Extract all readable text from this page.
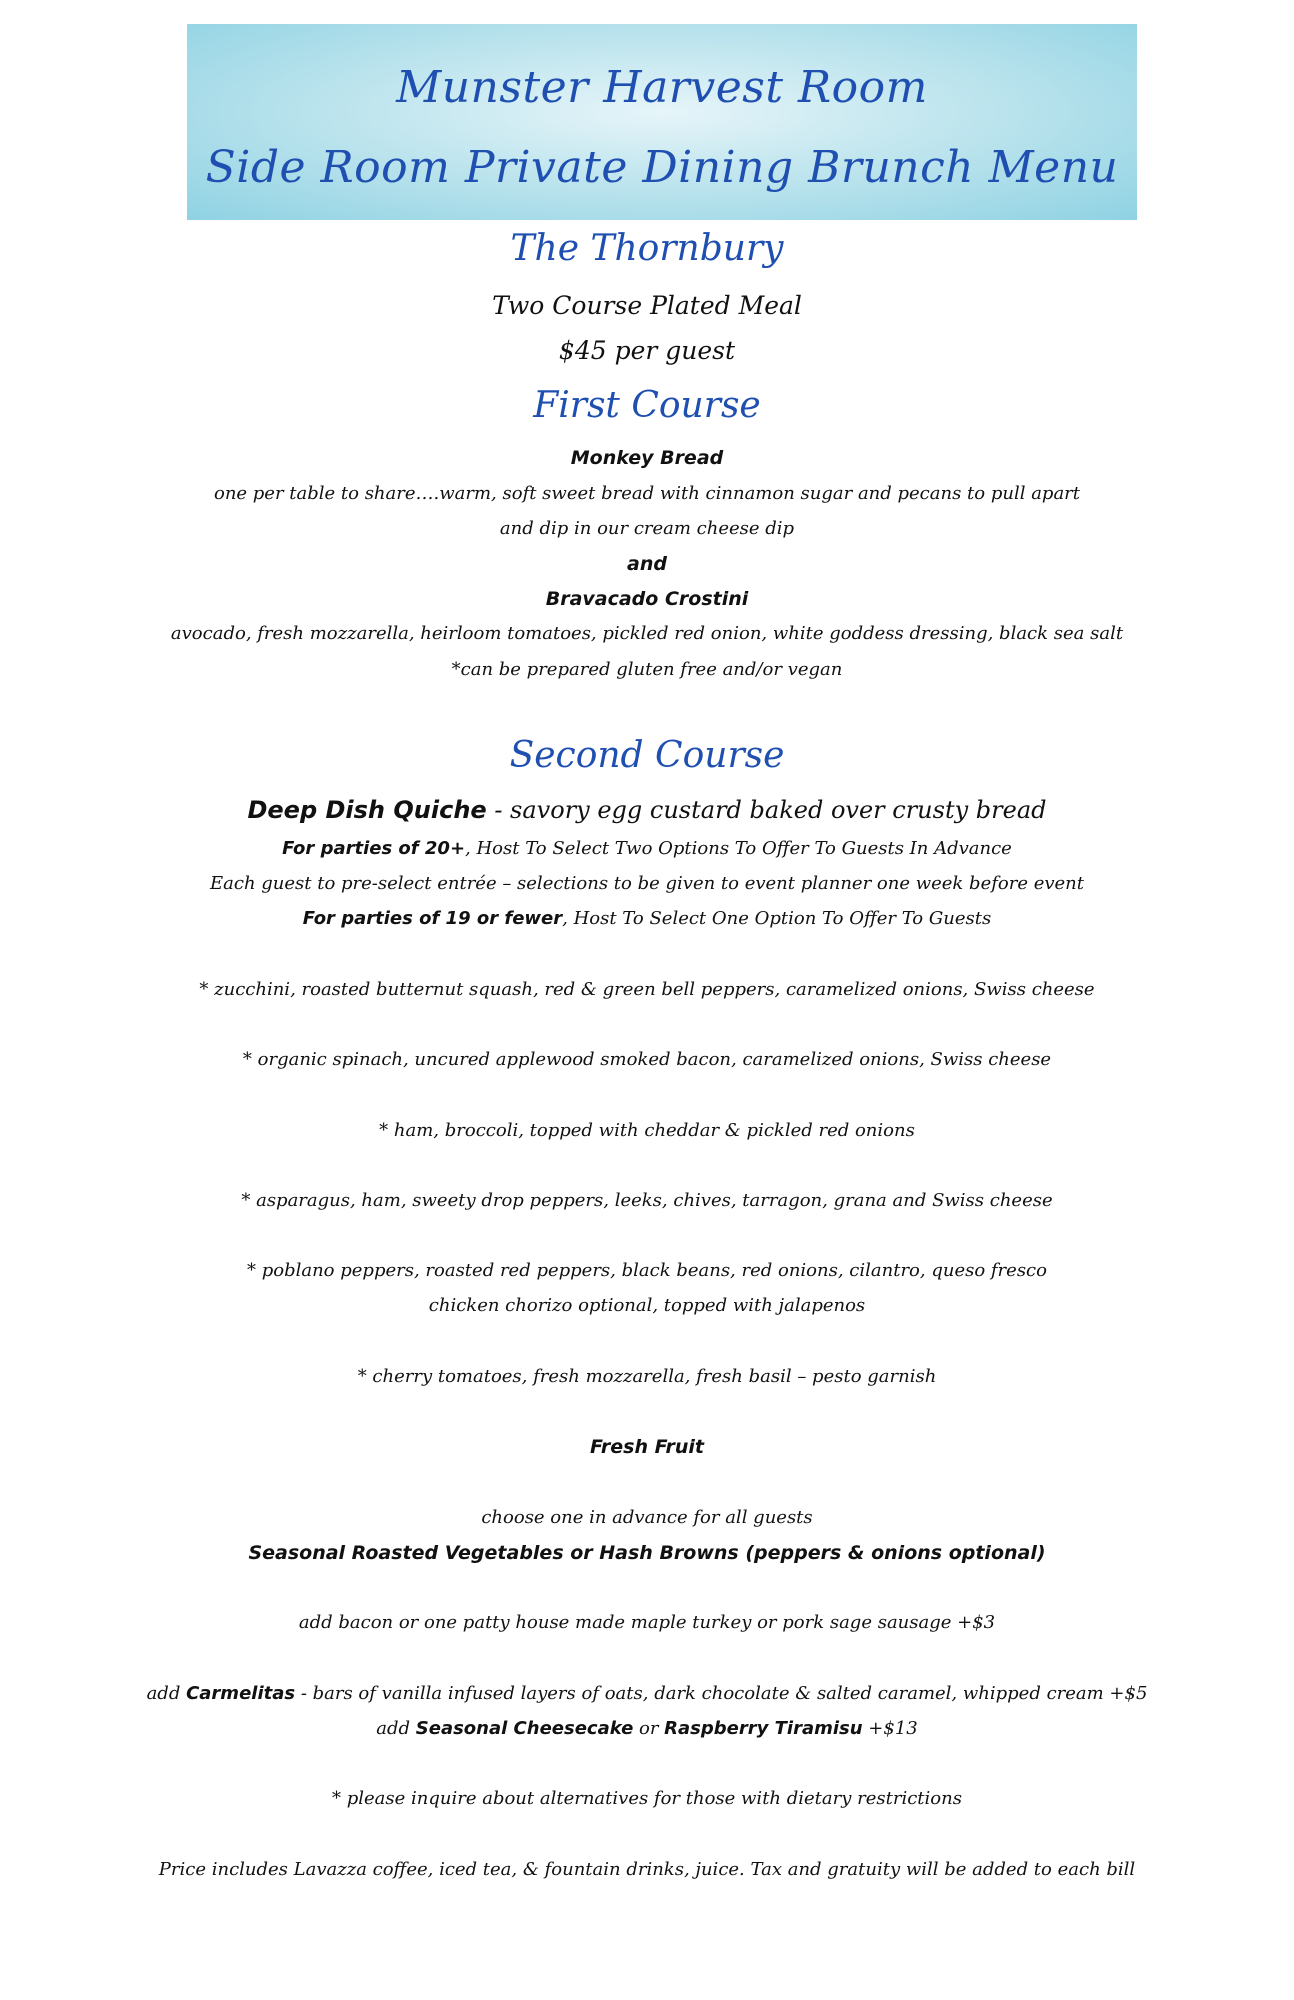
Munster Harvest Room
Side Room Private Dining Brunch Menu
The Thornbury
Two Course Plated Meal
$45 per guest
First Course
Monkey Bread
one per table to share….warm, soft sweet bread with cinnamon sugar and pecans to pull apart
and dip in our cream cheese dip
and
Bravacado Crostini
avocado, fresh mozzarella, heirloom tomatoes, pickled red onion, white goddess dressing, black sea salt
*can be prepared gluten free and/or vegan
Second Course
Deep Dish Quiche - savory egg custard baked over crusty bread
For parties of 20+, Host To Select Two Options To Offer To Guests In Advance
Each guest to pre-select entrée – selections to be given to event planner one week before event
For parties of 19 or fewer, Host To Select One Option To Offer To Guests
* zucchini, roasted butternut squash, red & green bell peppers, caramelized onions, Swiss cheese
* organic spinach, uncured applewood smoked bacon, caramelized onions, Swiss cheese
* ham, broccoli, topped with cheddar & pickled red onions
* asparagus, ham, sweety drop peppers, leeks, chives, tarragon, grana and Swiss cheese
* poblano peppers, roasted red peppers, black beans, red onions, cilantro, queso fresco
chicken chorizo optional, topped with jalapenos
* cherry tomatoes, fresh mozzarella, fresh basil – pesto garnish
Fresh Fruit
choose one in advance for all guests
Seasonal Roasted Vegetables or Hash Browns (peppers & onions optional)
add bacon or one patty house made maple turkey or pork sage sausage +$3
add Carmelitas - bars of vanilla infused layers of oats, dark chocolate & salted caramel, whipped cream +$5
add Seasonal Cheesecake or Raspberry Tiramisu +$13
* please inquire about alternatives for those with dietary restrictions
Price includes Lavazza coffee, iced tea, & fountain drinks, juice. Tax and gratuity will be added to each bill
